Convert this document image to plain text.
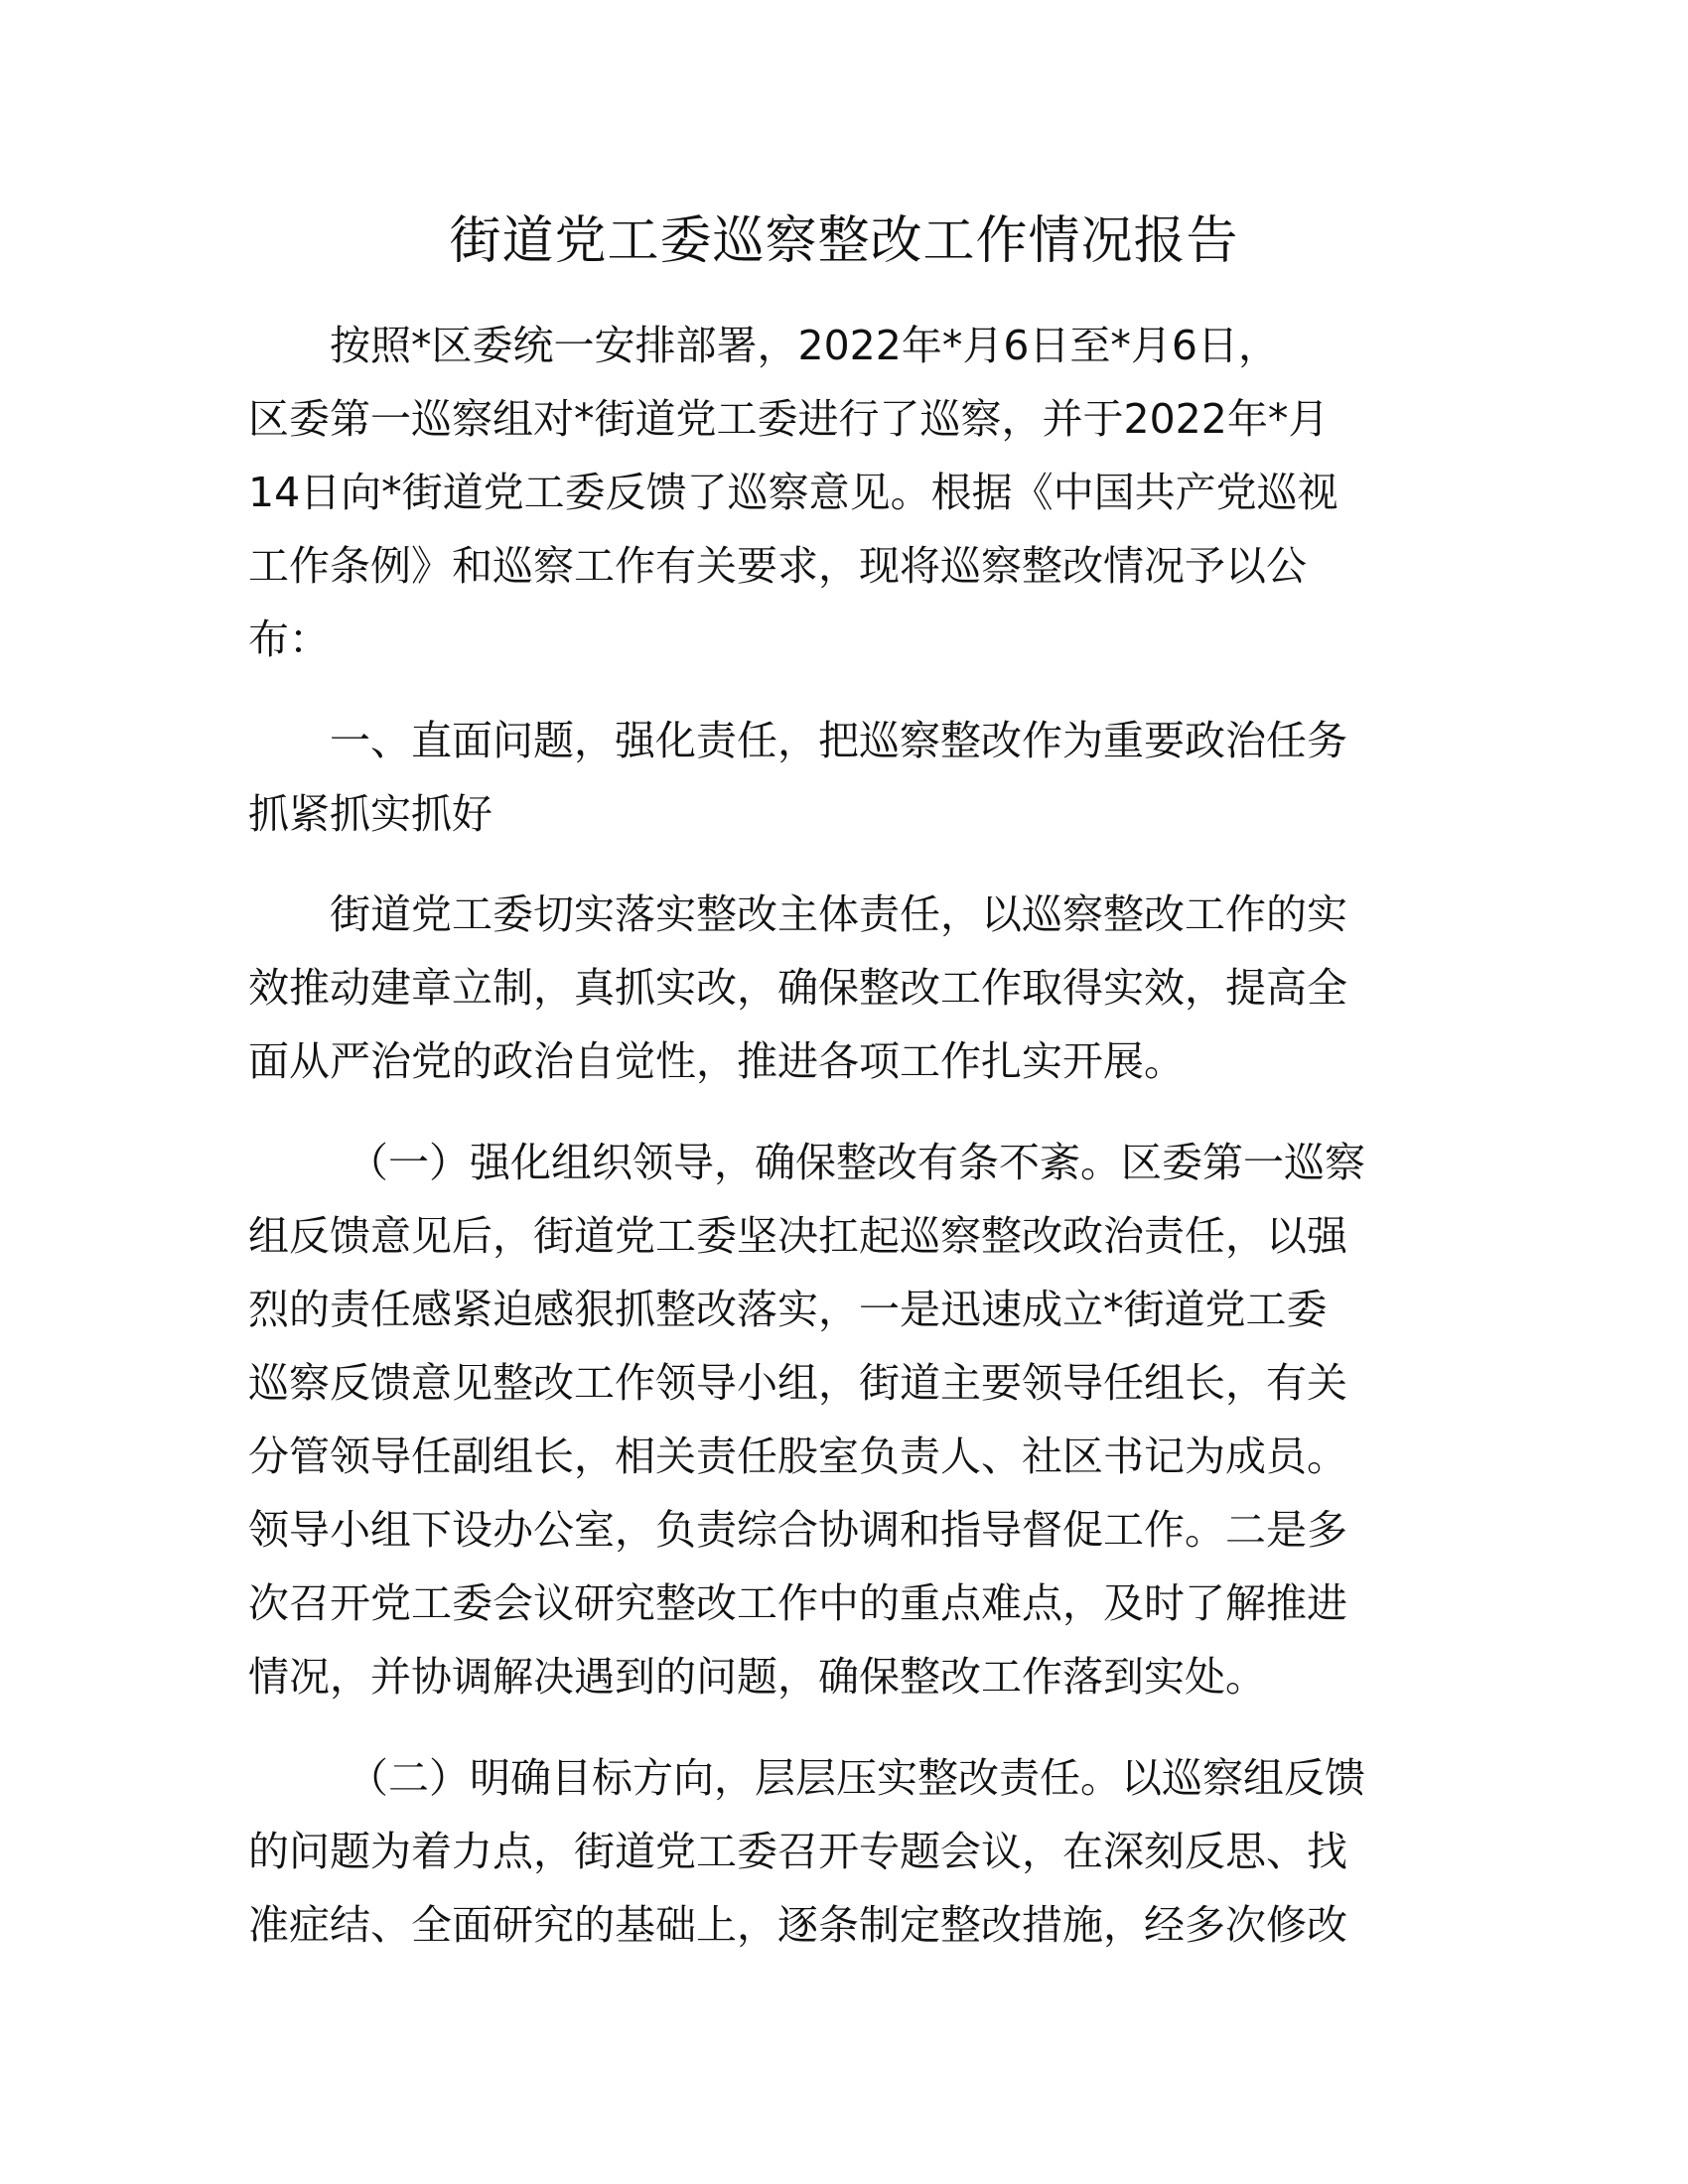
街道党工委巡察整改工作情况报告

按照*区委统一安排部署，2022年*月6日至*月6日，

区委第一巡察组对*街道党工委进行了巡察，并于2022年*月

14日向*街道党工委反馈了巡察意见。根据《中国共产党巡视

工作条例》和巡察工作有关要求，现将巡察整改情况予以公

布：

一、直面问题，强化责任，把巡察整改作为重要政治任务

抓紧抓实抓好

街道党工委切实落实整改主体责任，以巡察整改工作的实

效推动建章立制，真抓实改，确保整改工作取得实效，提高全

面从严治党的政治自觉性，推进各项工作扎实开展。

（一）强化组织领导，确保整改有条不紊。区委第一巡察

组反馈意见后，街道党工委坚决扛起巡察整改政治责任，以强

烈的责任感紧迫感狠抓整改落实，一是迅速成立*街道党工委

巡察反馈意见整改工作领导小组，街道主要领导任组长，有关

分管领导任副组长，相关责任股室负责人、社区书记为成员。

领导小组下设办公室，负责综合协调和指导督促工作。二是多

次召开党工委会议研究整改工作中的重点难点，及时了解推进

情况，并协调解决遇到的问题，确保整改工作落到实处。

（二）明确目标方向，层层压实整改责任。以巡察组反馈

的问题为着力点，街道党工委召开专题会议，在深刻反思、找

准症结、全面研究的基础上，逐条制定整改措施，经多次修改
